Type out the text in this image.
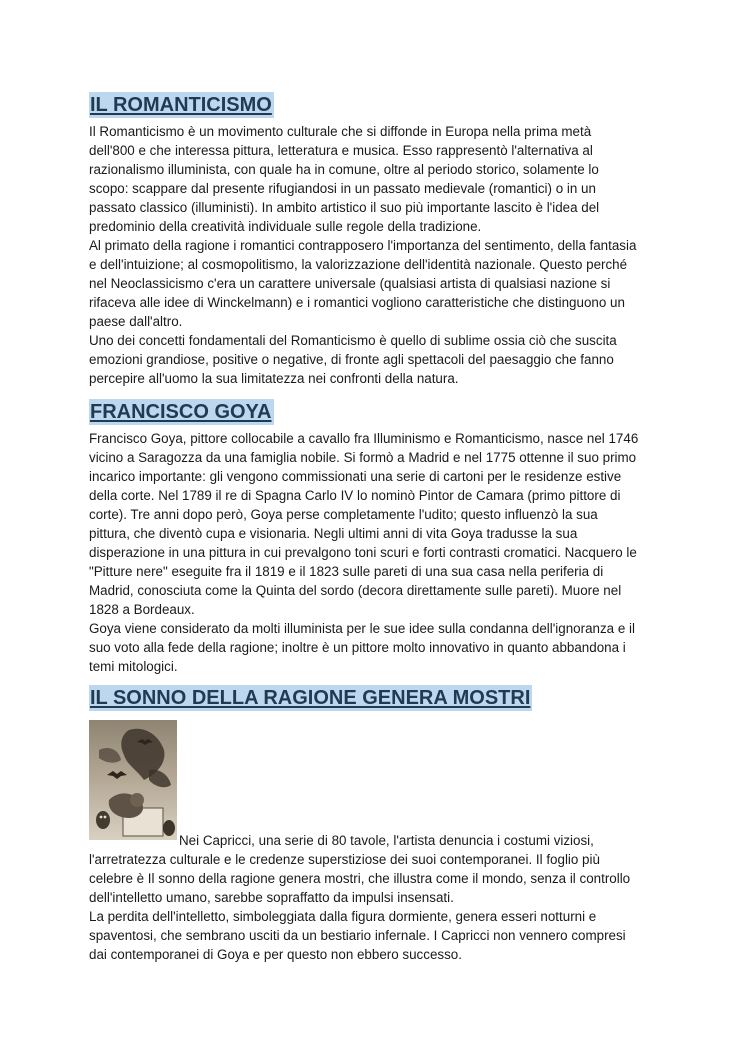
IL ROMANTICISMO

Il Romanticismo è un movimento culturale che si diffonde in Europa nella prima metà
dell'800 e che interessa pittura, letteratura e musica. Esso rappresentò l'alternativa al
razionalismo illuminista, con quale ha in comune, oltre al periodo storico, solamente lo
scopo: scappare dal presente rifugiandosi in un passato medievale (romantici) o in un
passato classico (illuministi). In ambito artistico il suo più importante lascito è l'idea del
predominio della creatività individuale sulle regole della tradizione.
Al primato della ragione i romantici contrapposero l'importanza del sentimento, della fantasia
e dell'intuizione; al cosmopolitismo, la valorizzazione dell'identità nazionale. Questo perché
nel Neoclassicismo c'era un carattere universale (qualsiasi artista di qualsiasi nazione si
rifaceva alle idee di Winckelmann) e i romantici vogliono caratteristiche che distinguono un
paese dall'altro.
Uno dei concetti fondamentali del Romanticismo è quello di sublime ossia ciò che suscita
emozioni grandiose, positive o negative, di fronte agli spettacoli del paesaggio che fanno
percepire all'uomo la sua limitatezza nei confronti della natura.

FRANCISCO GOYA

Francisco Goya, pittore collocabile a cavallo fra Illuminismo e Romanticismo, nasce nel 1746
vicino a Saragozza da una famiglia nobile. Si formò a Madrid e nel 1775 ottenne il suo primo
incarico importante: gli vengono commissionati una serie di cartoni per le residenze estive
della corte. Nel 1789 il re di Spagna Carlo IV lo nominò Pintor de Camara (primo pittore di
corte). Tre anni dopo però, Goya perse completamente l'udito; questo influenzò la sua
pittura, che diventò cupa e visionaria. Negli ultimi anni di vita Goya tradusse la sua
disperazione in una pittura in cui prevalgono toni scuri e forti contrasti cromatici. Nacquero le
"Pitture nere" eseguite fra il 1819 e il 1823 sulle pareti di una sua casa nella periferia di
Madrid, conosciuta come la Quinta del sordo (decora direttamente sulle pareti). Muore nel
1828 a Bordeaux.
Goya viene considerato da molti illuminista per le sue idee sulla condanna dell'ignoranza e il
suo voto alla fede della ragione; inoltre è un pittore molto innovativo in quanto abbandona i
temi mitologici.

IL SONNO DELLA RAGIONE GENERA MOSTRI

Nei Capricci, una serie di 80 tavole, l'artista denuncia i costumi viziosi,

l'arretratezza culturale e le credenze superstiziose dei suoi contemporanei. Il foglio più
celebre è Il sonno della ragione genera mostri, che illustra come il mondo, senza il controllo
dell'intelletto umano, sarebbe sopraffatto da impulsi insensati.
La perdita dell'intelletto, simboleggiata dalla figura dormiente, genera esseri notturni e
spaventosi, che sembrano usciti da un bestiario infernale. I Capricci non vennero compresi
dai contemporanei di Goya e per questo non ebbero successo.
